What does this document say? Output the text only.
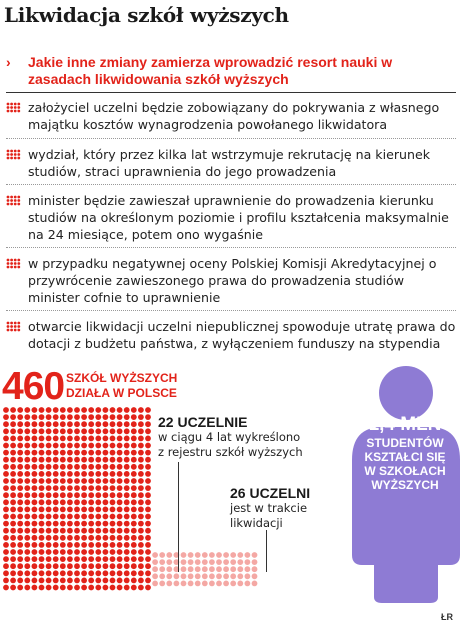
Likwidacja szkół wyższych
› Jakie inne zmiany zamierza wprowadzić resort nauki w zasadach likwidowania szkół wyższych
założyciel uczelni będzie zobowiązany do pokrywania z własnego majątku kosztów wynagrodzenia powołanego likwidatora
wydział, który przez kilka lat wstrzymuje rekrutację na kierunek studiów, straci uprawnienia do jego prowadzenia
minister będzie zawieszał uprawnienie do prowadzenia kierunku studiów na określonym poziomie i profilu kształcenia maksymalnie na 24 miesiące, potem ono wygaśnie
w przypadku negatywnej oceny Polskiej Komisji Akredytacyjnej o przywrócenie zawieszonego prawa do prowadzenia studiów minister cofnie to uprawnienie
otwarcie likwidacji uczelni niepublicznej spowoduje utratę prawa do dotacji z budżetu państwa, z wyłączeniem funduszy na stypendia
1,4 MLN
STUDENTÓW
KSZTAŁCI SIĘ
W SZKOŁACH
WYŻSZYCH
460 SZKÓŁ WYŻSZYCH
DZIAŁA W POLSCE
22 UCZELNIE
w ciągu 4 lat wykreślono
z rejestru szkół wyższych
26 UCZELNI
jest w trakcie
likwidacji
ŁR
